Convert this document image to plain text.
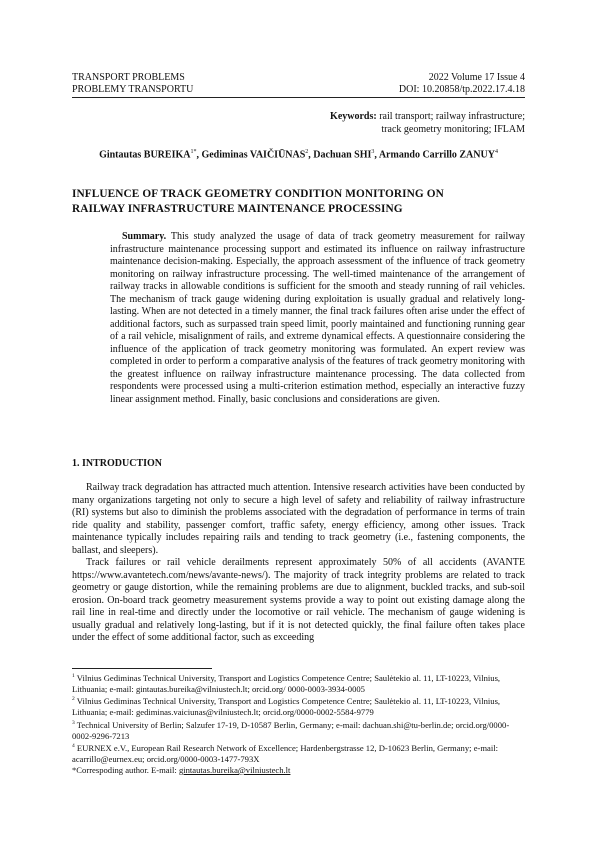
TRANSPORT PROBLEMS	2022 Volume 17 Issue 4
PROBLEMY TRANSPORTU	DOI: 10.20858/tp.2022.17.4.18
Keywords: rail transport; railway infrastructure;
track geometry monitoring; IFLAM
Gintautas $BUREIKA^{1*}$, Gediminas VAIČIŪNAS$^2$, Dachuan SHI$^3$, Armando Carrillo ZANUY$^4$
INFLUENCE OF TRACK GEOMETRY CONDITION MONITORING ON
RAILWAY INFRASTRUCTURE MAINTENANCE PROCESSING
Summary. This study analyzed the usage of data of track geometry measurement for railway infrastructure maintenance processing support and estimated its influence on railway infrastructure maintenance decision-making. Especially, the approach assessment of the influence of track geometry monitoring on railway infrastructure processing. The well-timed maintenance of the arrangement of railway tracks in allowable conditions is sufficient for the smooth and steady running of rail vehicles. The mechanism of track gauge widening during exploitation is usually gradual and relatively long-lasting. When are not detected in a timely manner, the final track failures often arise under the effect of additional factors, such as surpassed train speed limit, poorly maintained and functioning running gear of a rail vehicle, misalignment of rails, and extreme dynamical effects. A questionnaire considering the influence of the application of track geometry monitoring was formulated. An expert review was completed in order to perform a comparative analysis of the features of track geometry monitoring with the greatest influence on railway infrastructure maintenance processing. The data collected from respondents were processed using a multi-criterion estimation method, especially an interactive fuzzy linear assignment method. Finally, basic conclusions and considerations are given.
1. INTRODUCTION

Railway track degradation has attracted much attention. Intensive research activities have been conducted by many organizations targeting not only to secure a high level of safety and reliability of railway infrastructure (RI) systems but also to diminish the problems associated with the degradation of performance in terms of train ride quality and stability, passenger comfort, traffic safety, energy efficiency, among other issues. Track maintenance typically includes repairing rails and tending to track geometry (i.e., fastening components, the ballast, and sleepers).

Track failures or rail vehicle derailments represent approximately 50% of all accidents (AVANTE https://www.avantetech.com/news/avante-news/). The majority of track integrity problems are related to track geometry or gauge distortion, while the remaining problems are due to alignment, buckled tracks, and sub-soil erosion. On-board track geometry measurement systems provide a way to point out existing damage along the rail line in real-time and directly under the locomotive or rail vehicle. The mechanism of gauge widening is usually gradual and relatively long-lasting, but if it is not detected quickly, the final failure often takes place under the effect of some additional factor, such as exceeding

$^1$ Vilnius Gediminas Technical University, Transport and Logistics Competence Centre; Saulėtekio al. 11, LT-10223, Vilnius, Lithuania; e-mail: gintautas.bureika@vilniustech.lt; orcid.org/ 0000-0003-3934-0005

$^2$ Vilnius Gediminas Technical University, Transport and Logistics Competence Centre; Saulėtekio al. 11, LT-10223, Vilnius, Lithuania; e-mail: gediminas.vaiciunas@vilniustech.lt; orcid.org/0000-0002-5584-9779

$^3$ Technical University of Berlin; Salzufer 17-19, D-10587 Berlin, Germany; e-mail: dachuan.shi@tu-berlin.de; orcid.org/0000-0002-9296-7213

$^4$ EURNEX e.V., European Rail Research Network of Excellence; Hardenbergstrasse 12, D-10623 Berlin, Germany; e-mail: acarrillo@eurnex.eu; orcid.org/0000-0003-1477-793X

*Correspoding author. E-mail: gintautas.bureika@vilniustech.lt
